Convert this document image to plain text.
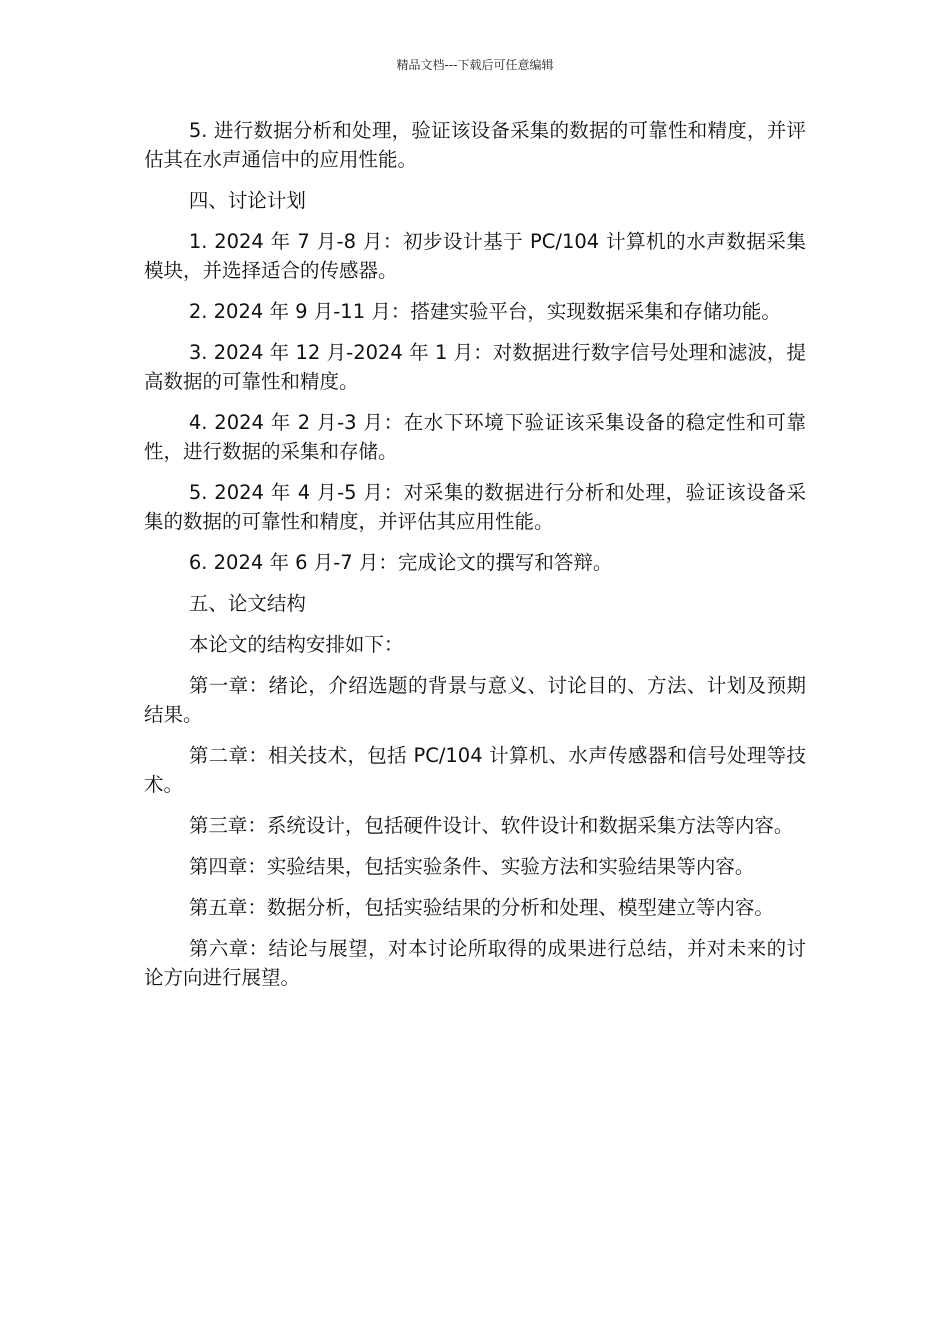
精品文档---下载后可任意编辑

5. 进行数据分析和处理，验证该设备采集的数据的可靠性和精度，并评估其在水声通信中的应用性能。

四、讨论计划

1. 2024 年 7 月-8 月：初步设计基于 PC/104 计算机的水声数据采集模块，并选择适合的传感器。

2. 2024 年 9 月-11 月：搭建实验平台，实现数据采集和存储功能。

3. 2024 年 12 月-2024 年 1 月：对数据进行数字信号处理和滤波，提高数据的可靠性和精度。

4. 2024 年 2 月-3 月：在水下环境下验证该采集设备的稳定性和可靠性，进行数据的采集和存储。

5. 2024 年 4 月-5 月：对采集的数据进行分析和处理，验证该设备采集的数据的可靠性和精度，并评估其应用性能。

6. 2024 年 6 月-7 月：完成论文的撰写和答辩。

五、论文结构

本论文的结构安排如下：

第一章：绪论，介绍选题的背景与意义、讨论目的、方法、计划及预期结果。

第二章：相关技术，包括 PC/104 计算机、水声传感器和信号处理等技术。

第三章：系统设计，包括硬件设计、软件设计和数据采集方法等内容。

第四章：实验结果，包括实验条件、实验方法和实验结果等内容。

第五章：数据分析，包括实验结果的分析和处理、模型建立等内容。

第六章：结论与展望，对本讨论所取得的成果进行总结，并对未来的讨论方向进行展望。
